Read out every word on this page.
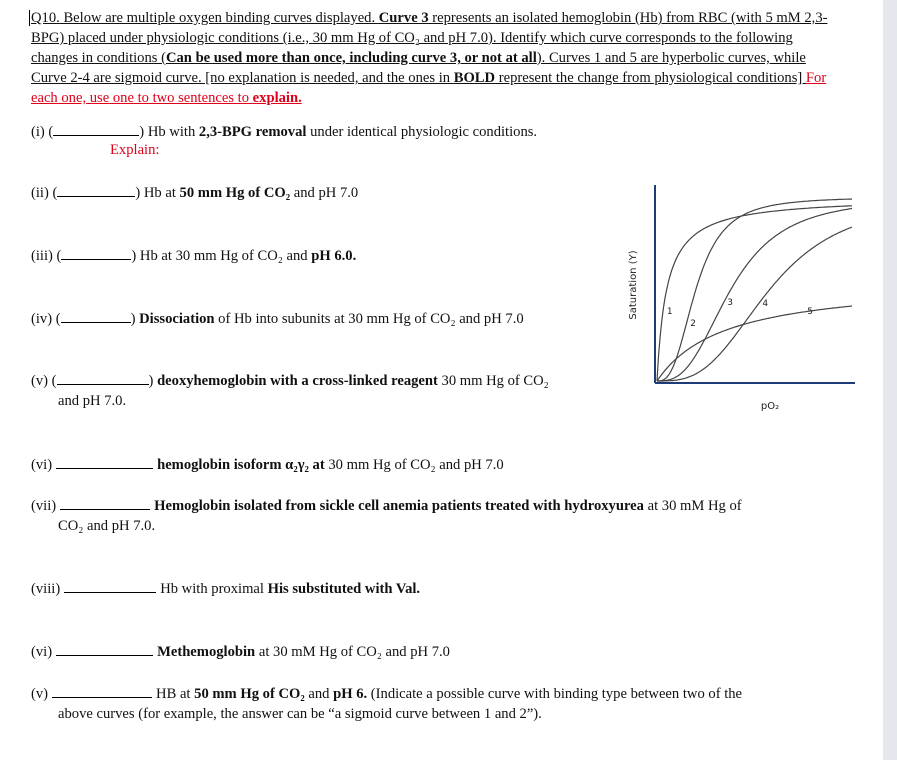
Q10. Below are multiple oxygen binding curves displayed. Curve 3 represents an isolated hemoglobin (Hb) from RBC (with 5 mM 2,3-BPG) placed under physiologic conditions (i.e., 30 mm Hg of CO₂ and pH 7.0). Identify which curve corresponds to the following changes in conditions (Can be used more than once, including curve 3, or not at all). Curves 1 and 5 are hyperbolic curves, while Curve 2-4 are sigmoid curve. [no explanation is needed, and the ones in BOLD represent the change from physiological conditions] For each one, use one to two sentences to explain.
(i) (	) Hb with 2,3-BPG removal under identical physiologic conditions.
Explain:
(ii) (	) Hb at 50 mm Hg of CO₂ and pH 7.0
(iii) (	) Hb at 30 mm Hg of CO₂ and pH 6.0.
(iv) (	) Dissociation of Hb into subunits at 30 mm Hg of CO₂ and pH 7.0
(v) (	) deoxyhemoglobin with a cross-linked reagent 30 mm Hg of CO₂
and pH 7.0.
(vi)	hemoglobin isoform α₂γ₂ at 30 mm Hg of CO₂ and pH 7.0
(vii)	Hemoglobin isolated from sickle cell anemia patients treated with hydroxyurea at 30 mM Hg of
CO₂ and pH 7.0.
(viii)	Hb with proximal His substituted with Val.
(vi)	Methemoglobin at 30 mM Hg of CO₂ and pH 7.0
(v)	HB at 50 mm Hg of CO₂ and pH 6. (Indicate a possible curve with binding type between two of the
above curves (for example, the answer can be “a sigmoid curve between 1 and 2”).
Saturation (Y)
pO₂
1
2
3	4
5
